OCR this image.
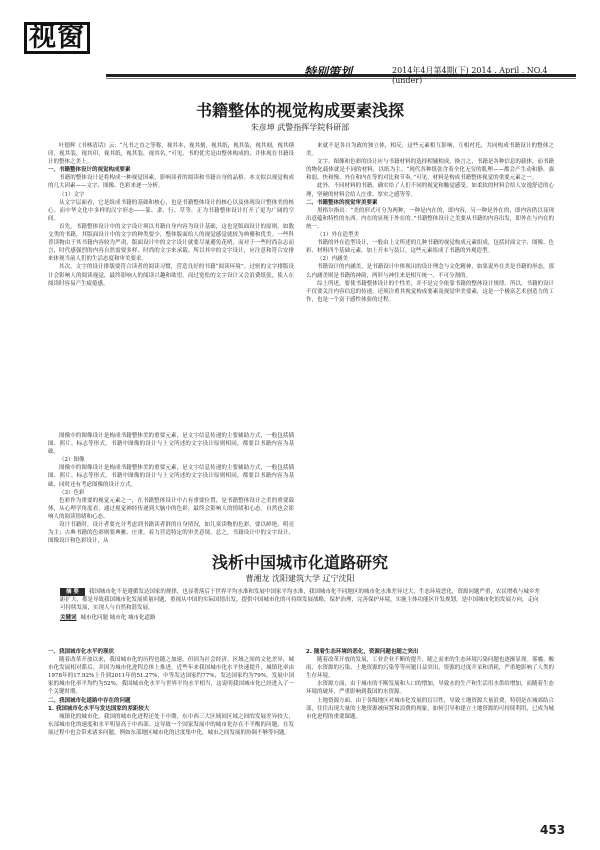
视窗
特别策划	2014年4月第4期(下) 2014 . April . NO.4 (under)
书籍整体的视觉构成要素浅探
朱彦坤 武警指挥学院科研部

叶德辉《书林清话》云：“凡书之直之等称，视其本，视其刻，视其纸，视其装，视其刻，视其缮印，视其装，视其印，视其纸，视其装，视其名。”可见，书的优劣是由整体构成的，并体现在书籍设计的整体之美上。

一、书籍整体设计的视觉构成要素

书籍的整体设计是将构成一种视觉因素，影响读者的阅读和书籍自身的品格。本文拟以视觉构成的几大因素——文字、图像、色彩来逐一分析。

（1）文字

从文字层面看，它是组成书籍的基础和核心，也是书籍整体设计的核心以及体现设计整体美的核心。而中华文化中多样的汉字形态——篆、隶、行、草等，正为书籍整体设计打开了更为广阔的空间。

首先，书籍整体设计中的文字设计须以书籍自身内容为设计基础，这也是版面设计的原则。如数文类的书籍，其版面设计中的文字的种类要少，整体版面给人的视觉感觉就较为典雅和优美。一些科普读物由于其书籍内容较为严肃，版面设计中的文字设计就要尽量避免花哨，而对于一些时尚杂志而言，时代感强烈的内容自然需要多样、时尚的文字来承载。所以其中的文字设计，应注意和符合安排来体现当前人们的生活态度和审美要求。

其次，文字的设计排版要符合读者的阅读习惯，营造良好的书籍“阅读环境”。过密的文字排版设计会影响人的阅读视觉，最终影响人的阅读兴趣和欲望。而过宽松的文字设计又会浪费纸张，使人在阅读时容易产生疲倦感。

图像中的图像设计是构成书籍整体美的重要元素，是文字信息传递的主要辅助方式，一般包括插图、照片、标志等形式。书籍中图像的设计与上文所述的文字设计原则相同，都要以书籍内容为基础。

（2）图像

图像中的图像设计是构成书籍整体美的重要元素，是文字信息传递的主要辅助方式，一般包括插图、照片、标志等形式。书籍中图像的设计与上文所述的文字设计原则相同，都要以书籍内容为基础，同时还有考虑图像的设计方式。

（3）色彩

色彩作为重要的视觉元素之一，在书籍整体设计中占有重要位置，是书籍整体设计之美的重要载体，从心理学角度看，通过视觉神经传递到大脑中的色彩，最终会影响人的情绪和心态。自然也会影响人的阅读情绪和心态。

设计书籍时，设计者要充分考虑到书籍读者群的自身情况，如儿童读物的色彩，要以鲜艳，明亮为主；古典书籍的色彩则要典雅、庄重。着力营造特定的审美意境。总之，书籍设计中的文字设计、图像设计和色彩设计，从

来就不是各自为政的独立体，相反，这些元素相互影响，互相衬托，共同构成书籍设计的整体之美。

文字、图像和色彩的设计应与书籍材料的选择相辅相成，换言之，书籍是各种信息的载体，而书籍的物化载体就是不同的材料，以纸为主。“现代各种纸张含着全化无穷的肌理——都会产生动和静、强和弱、快和慢、外在和内在等的对比和节奏。”可见，材料是构成书籍整体视觉的重要元素之一。

此外，不同材料的书籍，确实给了人们不同的视觉和触觉感受。如柔软的材料会给人安逸舒适的心理，坚硬的材料会给人庄重、厚实之感等等。

二、书籍整体的视觉审美要素

黑格尔指出：“美的形式可分为两种，一种是内在的，即内容，另一种是外在的，即内容借以显现出意蕴和特性的东西。内在的显现于外在的。”书籍整体设计之美要从书籍的内容出发，即外在与内在的统一。

（1）外在造型美

书籍的外在造型设计，一般由上文所述的几种书籍的视觉构成元素组成，包括封面文字、图像、色彩、材料四个基础元素，加上开本与装订，这些元素组成了书籍的外观造型。

（2）内涵美

书籍设计的内涵美，是书籍设计中体现出的设计理念与文化精神，如果说外在美是书籍的形态，那么内涵美则是书籍的神韵，两形与神往来是相互统一、不可分割的。

综上所述，要使书籍整体设计的个性美，并不是完全依靠书籍的整体设计规律。所以，书籍的设计不仅要关注内容信息的传递，还须注重其视觉构成要素及视觉审美要素，这是一个极富艺术创造力的工作，也是一个富于感性体验的过程。

浅析中国城市化道路研究
曹湘龙 沈阳建筑大学 辽宁沈阳
摘 要 我国城市化不是遵循发达国家的规律，也显著落后于世界平均水准和发展中国家平均水准，我国城市化不同地区的城市化水准差异过大，生态环境恶化，资源问题严重，农民增收与城乡差距扩大，都是导致我国城市化发展质量问题，重视从中国的实际国情出发，提供中国城市化的可持续发展战略，保护治理，完善保护环境，实施主体功能区开发规划，是中国城市化的发展方向，走向可持续发展，实现人与自然和谐发展。
关键词 城市化问题 城市化 城市化道路

一、我国城市化水平的现状

随着改革开放以来，我国城市化的历程也随之加速，但因为社会经济、区域之间的文化差异，城市化发展相对滞后。并因为城市化进程总体上推进，近些年来我国城市化水平快速提升，城镇化率由1978年的17.92%上升到2011年的51.27%，中等发达国家约77%，发达国家约为79%，发展中国家的城市化率平均约为52%，我国城市化水平与世界平均水平相当，这说明我国城市化已经进入了一个关键时期。

二、我国城市化道路中存在的问题

1. 我国城市化水平与发达国家的差距较大

城镇化的城市化，我国的城市化进程还处于中期，东中西三大区域间区域之间的发展差异较大，东部城市化的速度和水平明显高于中西部。这导致一个国家发展中的城市化存在不平衡的问题，在发展过程中也会带来诸多问题，例如东部地区城市化的过度集中化，城市之间发展的协调不够等问题。

2. 随着生态环境的恶化，资源问题也随之突出

随着改革开放的发展，工业企业不断的提升，随之而来的生态环境污染问题也逐渐显现。雾霾、酸雨、水资源的污染、土地资源的污染等等问题日益突出，资源的过度开采和消耗，严重地影响了人类的生存环境。

水资源方面，由于城市的不断发展和人口的增加，导致水的生产和生活用水供给增加，而随着生态环境的破坏，严重影响到我国的水资源。

土地资源方面，由于各级地区对城市化发展的盲目性，导致土地资源大量浪费，特别是在城郊结合部，往往出现大量的土地资源被闲置和浪费的现象，如何引导和建立土地资源的可持续利用，已成为城市化进程的重要课题。

453
